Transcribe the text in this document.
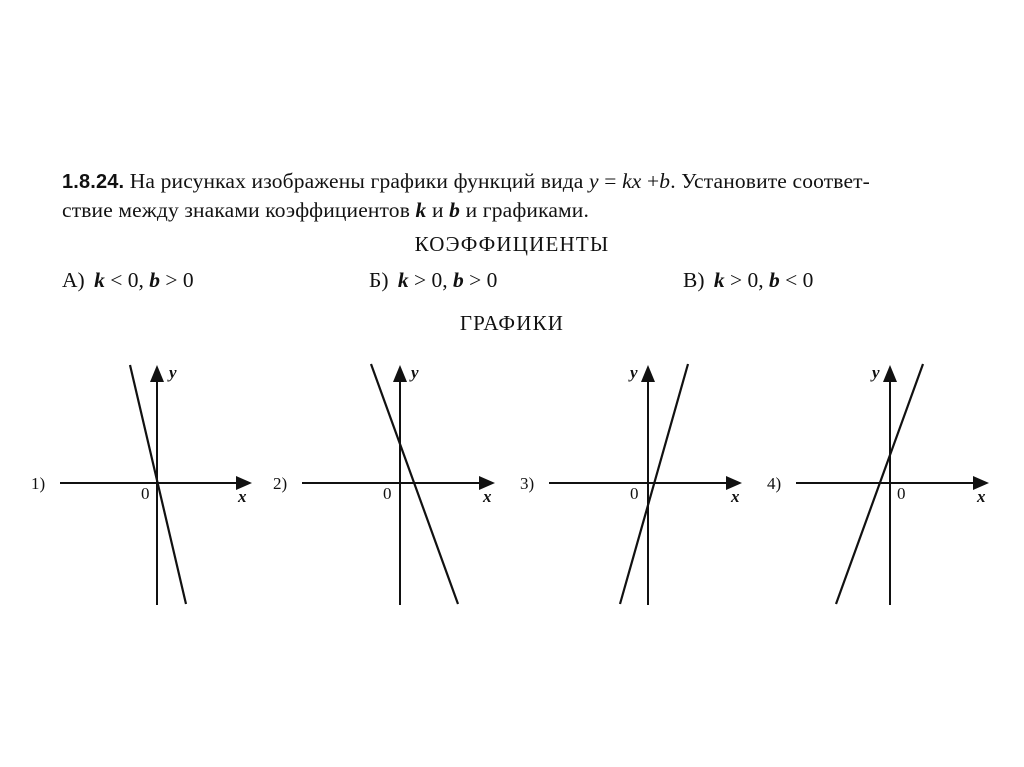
1.8.24. На рисунках изображены графики функций вида y = kx +b. Установите соответ-
ствие между знаками коэффициентов k и b и графиками.
КОЭФФИЦИЕНТЫ
А) k < 0, b > 0	Б) k > 0, b > 0	В) k > 0, b < 0
ГРАФИКИ
1)
y
x
0
2)
y
x
0
3)
y
x
0
4)
y
x
0
